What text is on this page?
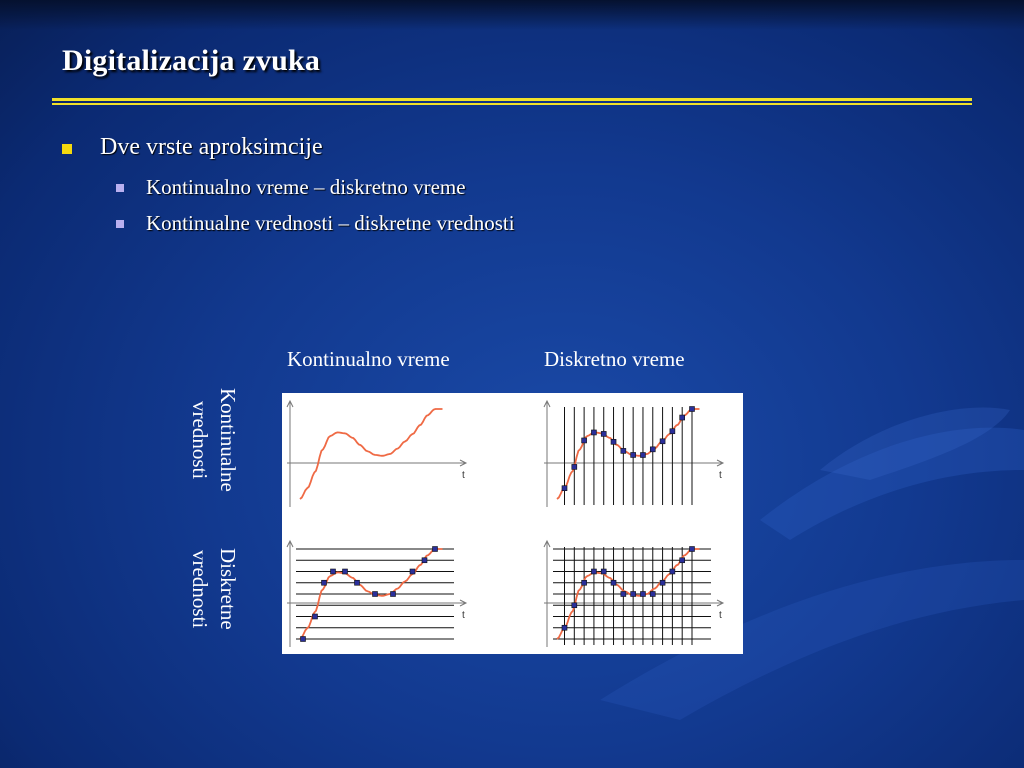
Digitalizacija zvuka
Dve vrste aproksimcije
Kontinualno vreme – diskretno vreme
Kontinualne vrednosti – diskretne vrednosti
Kontinualno vreme	Diskretno vreme
Kontinualne
vrednosti
Diskretne
vrednosti
t	t
t	t
